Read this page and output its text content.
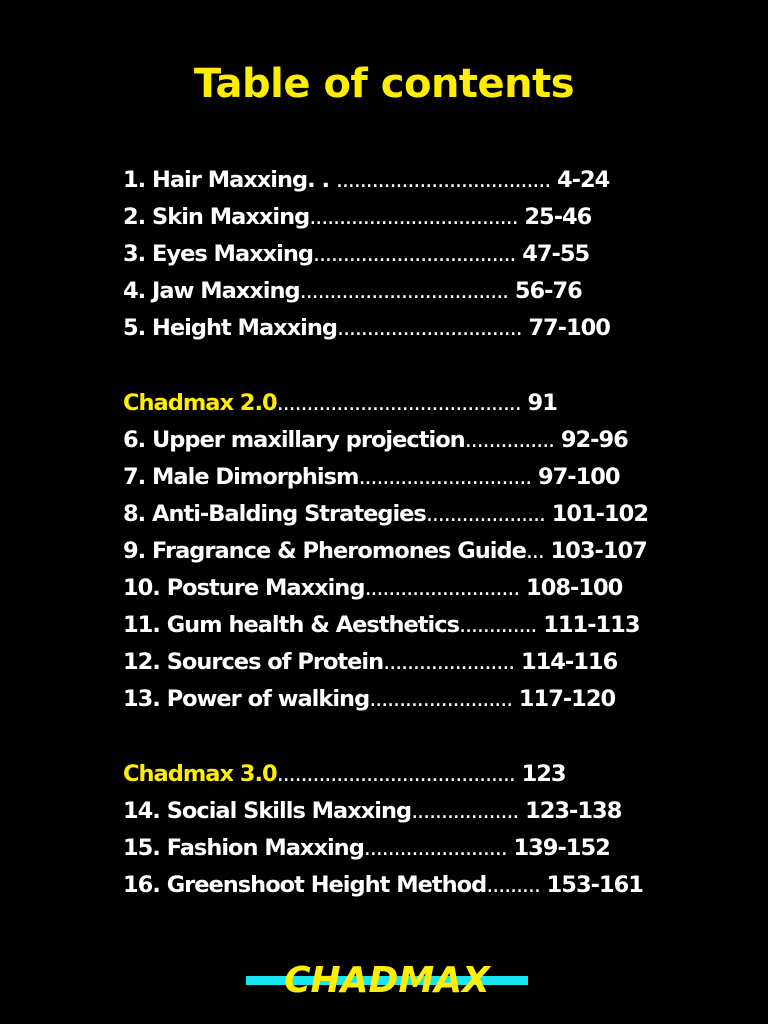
Table of contents
1. Hair Maxxing. . .................................... 4-24
2. Skin Maxxing................................... 25-46
3. Eyes Maxxing.................................. 47-55
4. Jaw Maxxing................................... 56-76
5. Height Maxxing............................... 77-100
Chadmax 2.0......................................... 91
6. Upper maxillary projection............... 92-96
7. Male Dimorphism............................. 97-100
8. Anti-Balding Strategies.................... 101-102
9. Fragrance & Pheromones Guide... 103-107
10. Posture Maxxing.......................... 108-100
11. Gum health & Aesthetics............. 111-113
12. Sources of Protein...................... 114-116
13. Power of walking........................ 117-120
Chadmax 3.0........................................ 123
14. Social Skills Maxxing.................. 123-138
15. Fashion Maxxing........................ 139-152
16. Greenshoot Height Method......... 153-161
CHADMAX
